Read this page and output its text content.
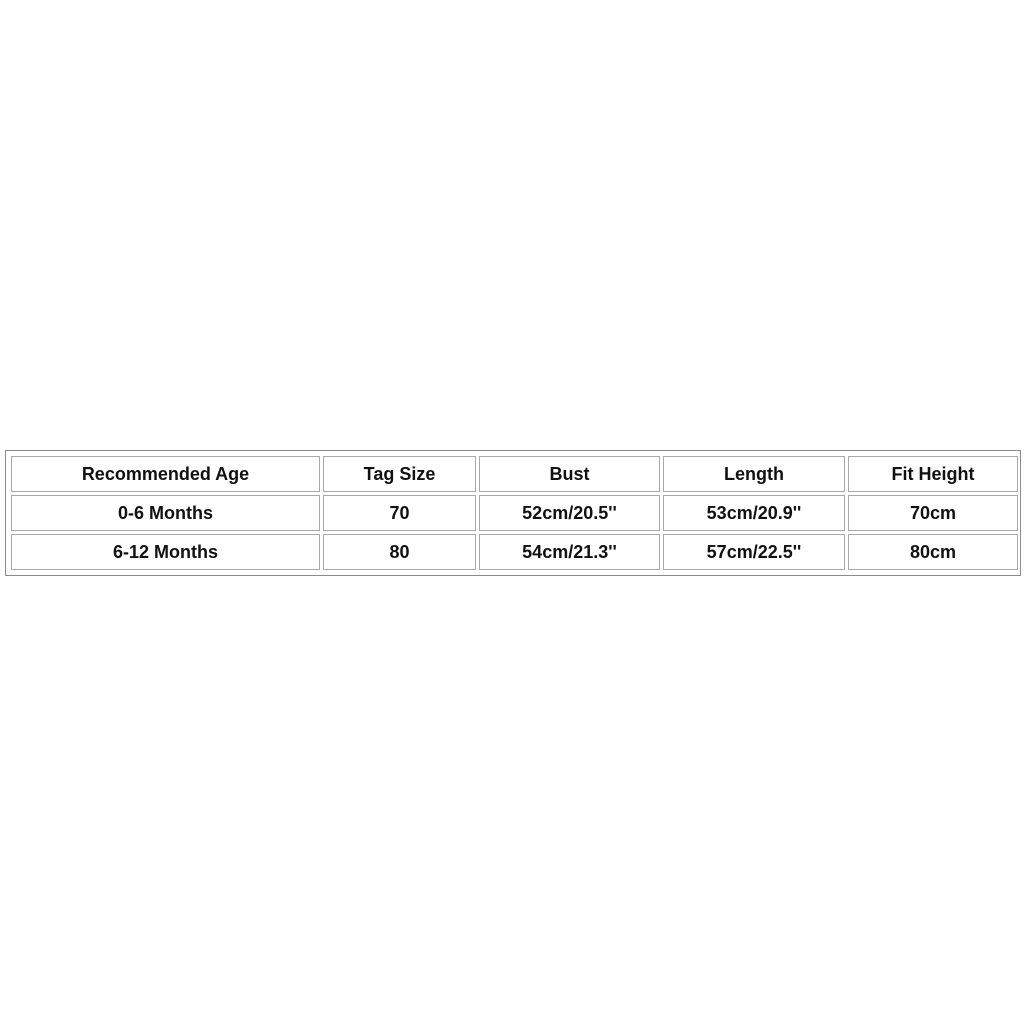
Recommended Age	Tag Size	Bust	Length	Fit Height
0-6 Months	70	52cm/20.5''	53cm/20.9''	70cm
6-12 Months	80	54cm/21.3''	57cm/22.5''	80cm
